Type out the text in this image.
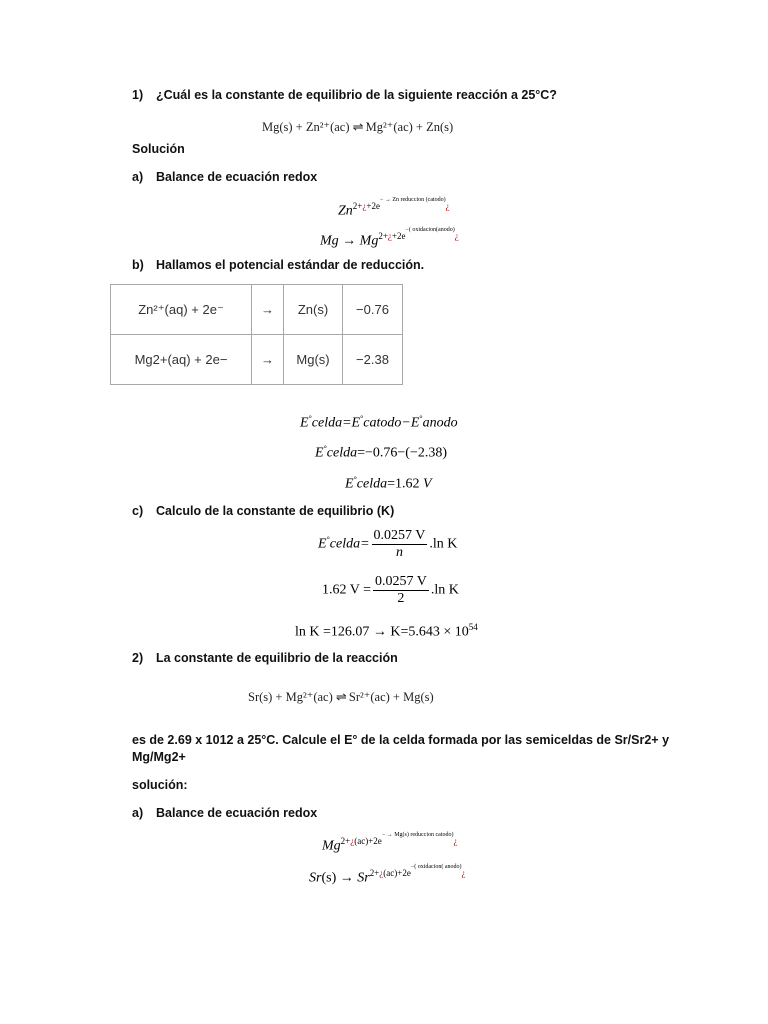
1) ¿Cuál es la constante de equilibrio de la siguiente reacción a 25°C?
Mg(s) + Zn²⁺(ac) ⇌ Mg²⁺(ac) + Zn(s)
Solución
a) Balance de ecuación redox
$Zn^{2+¿+2e^{- \to Zn reduccion (catodo)}¿}$
$Mg \to Mg^{2+¿+2e^{-( oxidacion(anodo)}¿}$
b) Hallamos el potencial estándar de reducción.
Zn²⁺(aq) + 2e⁻	→	Zn(s)	−0.76
Mg2+(aq) + 2e−	→	Mg(s)	−2.38
E°celda=E°catodo−E°anodo
E°celda=−0.76−(−2.38)
E°celda=1.62 V
c) Calculo de la constante de equilibrio (K)
E°celda= $\frac{0.0257 V}{n} .\ln$ K
1.62 $V = \frac{0.0257 V}{2} .\ln$ K
$\ln K =126.07 \to K=5.643 \times 10^{54}$
2) La constante de equilibrio de la reacción
Sr(s) + Mg²⁺(ac) ⇌ Sr²⁺(ac) + Mg(s)
es de 2.69 x 1012 a 25°C. Calcule el E° de la celda formada por las semiceldas de Sr/Sr2+ y
Mg/Mg2+
solución:
a) Balance de ecuación redox
$Mg^{2+¿(ac)+2e^{- \to Mg(s) reduccion catodo)}¿}$
$Sr(s) \to Sr^{2+¿(ac)+2e^{-( oxidacion( anodo)}¿}$
